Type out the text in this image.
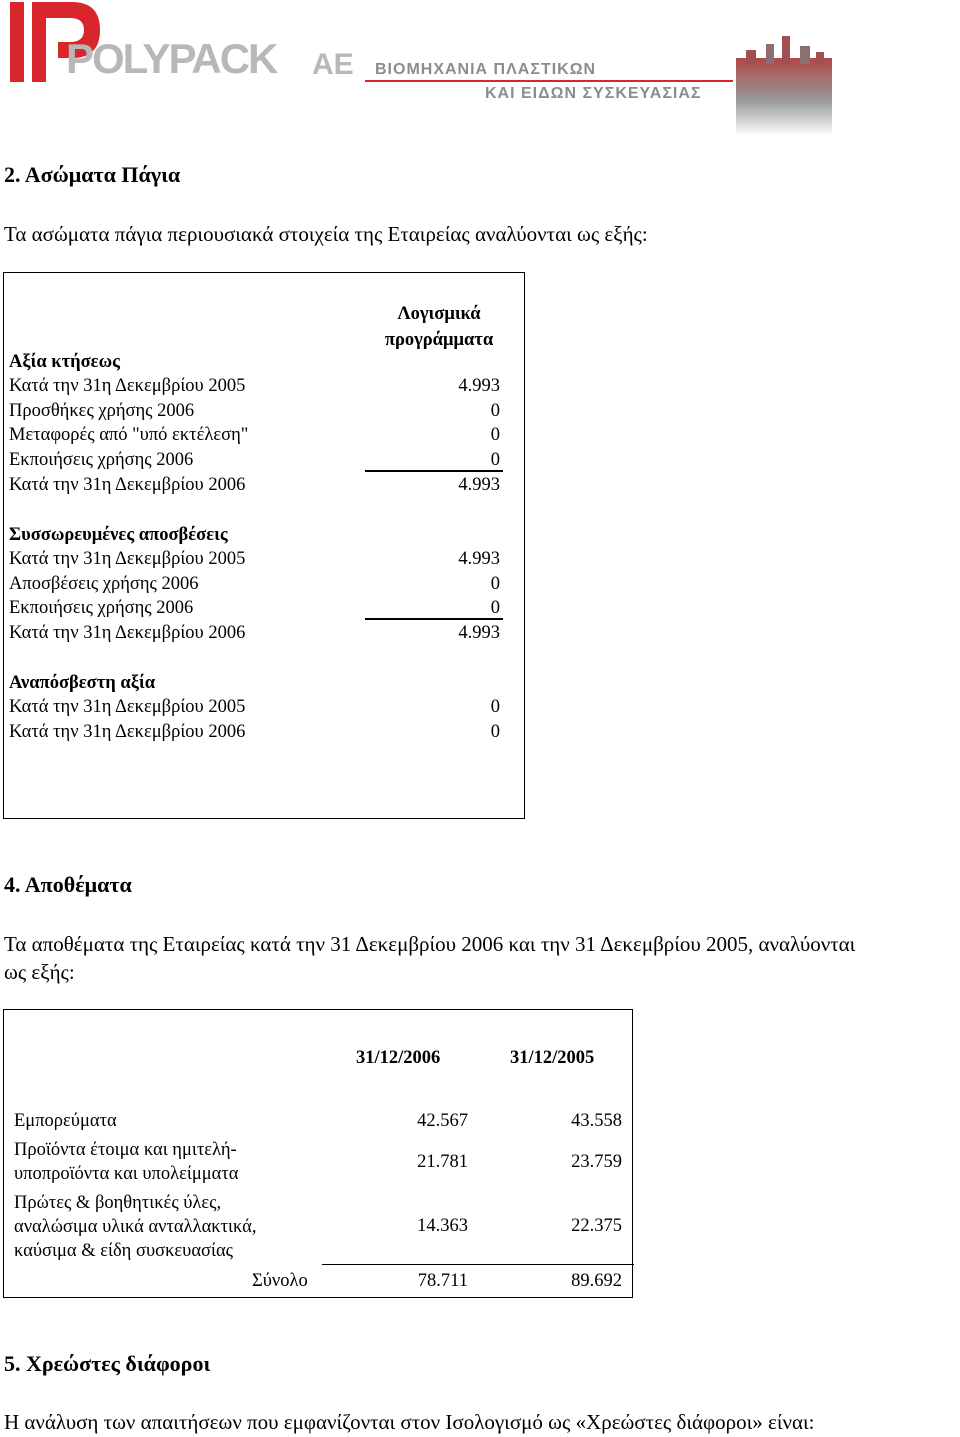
POLYPACK ΑΕ ΒΙΟΜΗΧΑΝΙΑ ΠΛΑΣΤΙΚΩΝ
ΚΑΙ ΕΙΔΩΝ ΣΥΣΚΕΥΑΣΙΑΣ
2. Ασώματα Πάγια
Τα ασώματα πάγια περιουσιακά στοιχεία της Εταιρείας αναλύονται ως εξής:
Λογισμικά
προγράμματα
Αξία κτήσεως
Κατά την 31η Δεκεμβρίου 2005	4.993
Προσθήκες χρήσης 2006	0
Μεταφορές από "υπό εκτέλεση"	0
Εκποιήσεις χρήσης 2006	0
Κατά την 31η Δεκεμβρίου 2006	4.993
Συσσωρευμένες αποσβέσεις
Κατά την 31η Δεκεμβρίου 2005	4.993
Αποσβέσεις χρήσης 2006	0
Εκποιήσεις χρήσης 2006	0
Κατά την 31η Δεκεμβρίου 2006	4.993
Αναπόσβεστη αξία
Κατά την 31η Δεκεμβρίου 2005	0
Κατά την 31η Δεκεμβρίου 2006	0
4. Αποθέματα
Τα αποθέματα της Εταιρείας κατά την 31 Δεκεμβρίου 2006 και την 31 Δεκεμβρίου 2005, αναλύονται
ως εξής:
31/12/2006	31/12/2005
Εμπορεύματα	42.567	43.558
Προϊόντα έτοιμα και ημιτελή-
υποπροϊόντα και υπολείμματα
21.781	23.759
Πρώτες & βοηθητικές ύλες,
αναλώσιμα υλικά ανταλλακτικά,
καύσιμα & είδη συσκευασίας
14.363	22.375
Σύνολο	78.711	89.692
5. Χρεώστες διάφοροι
Η ανάλυση των απαιτήσεων που εμφανίζονται στον Ισολογισμό ως «Χρεώστες διάφοροι» είναι:
